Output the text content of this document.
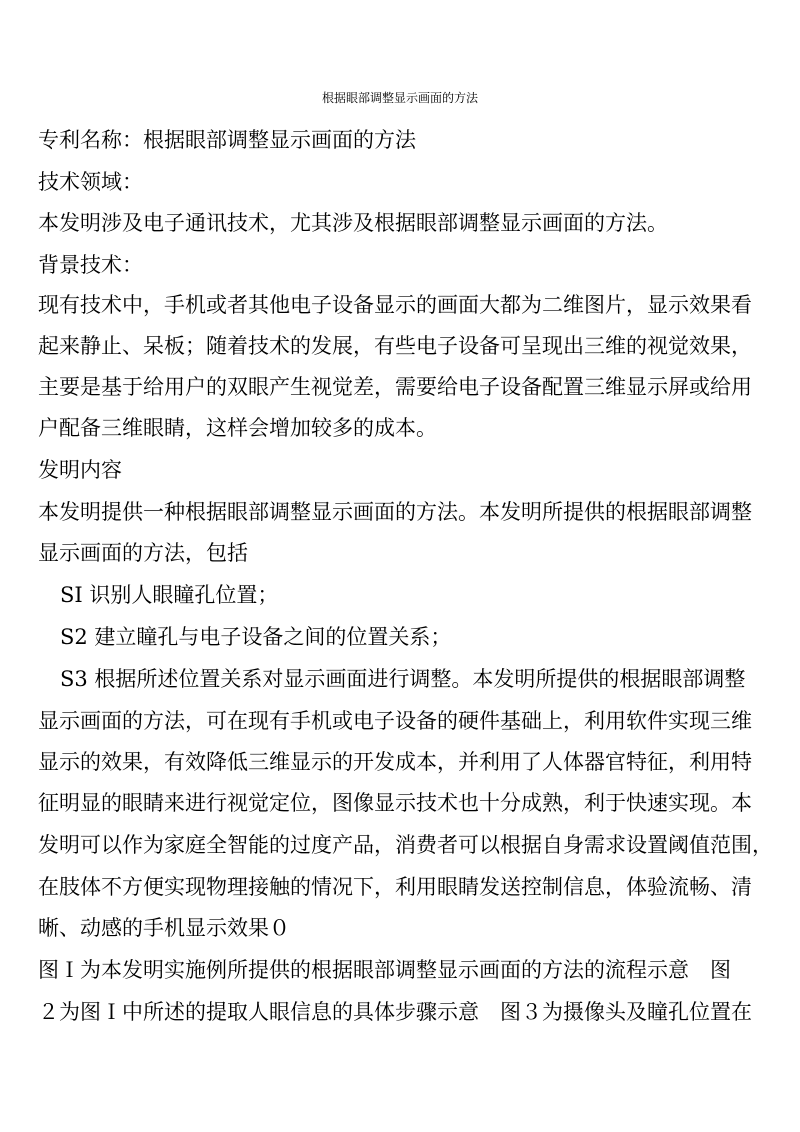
根据眼部调整显示画面的方法
专利名称：根据眼部调整显示画面的方法
技术领域：
本发明涉及电子通讯技术，尤其涉及根据眼部调整显示画面的方法。
背景技术：
现有技术中，手机或者其他电子设备显示的画面大都为二维图片，显示效果看
起来静止、呆板；随着技术的发展，有些电子设备可呈现出三维的视觉效果，
主要是基于给用户的双眼产生视觉差，需要给电子设备配置三维显示屏或给用
户配备三维眼睛，这样会增加较多的成本。
发明内容
本发明提供一种根据眼部调整显示画面的方法。本发明所提供的根据眼部调整
显示画面的方法，包括
SI 识别人眼瞳孔位置；
S2 建立瞳孔与电子设备之间的位置关系；
S3 根据所述位置关系对显示画面进行调整。本发明所提供的根据眼部调整
显示画面的方法，可在现有手机或电子设备的硬件基础上，利用软件实现三维
显示的效果，有效降低三维显示的开发成本，并利用了人体器官特征，利用特
征明显的眼睛来进行视觉定位，图像显示技术也十分成熟，利于快速实现。本
发明可以作为家庭全智能的过度产品，消费者可以根据自身需求设置阈值范围，
在肢体不方便实现物理接触的情况下，利用眼睛发送控制信息，体验流畅、清
晰、动感的手机显示效果０
图Ｉ为本发明实施例所提供的根据眼部调整显示画面的方法的流程示意　图
２为图Ｉ中所述的提取人眼信息的具体步骤示意　图３为摄像头及瞳孔位置在
